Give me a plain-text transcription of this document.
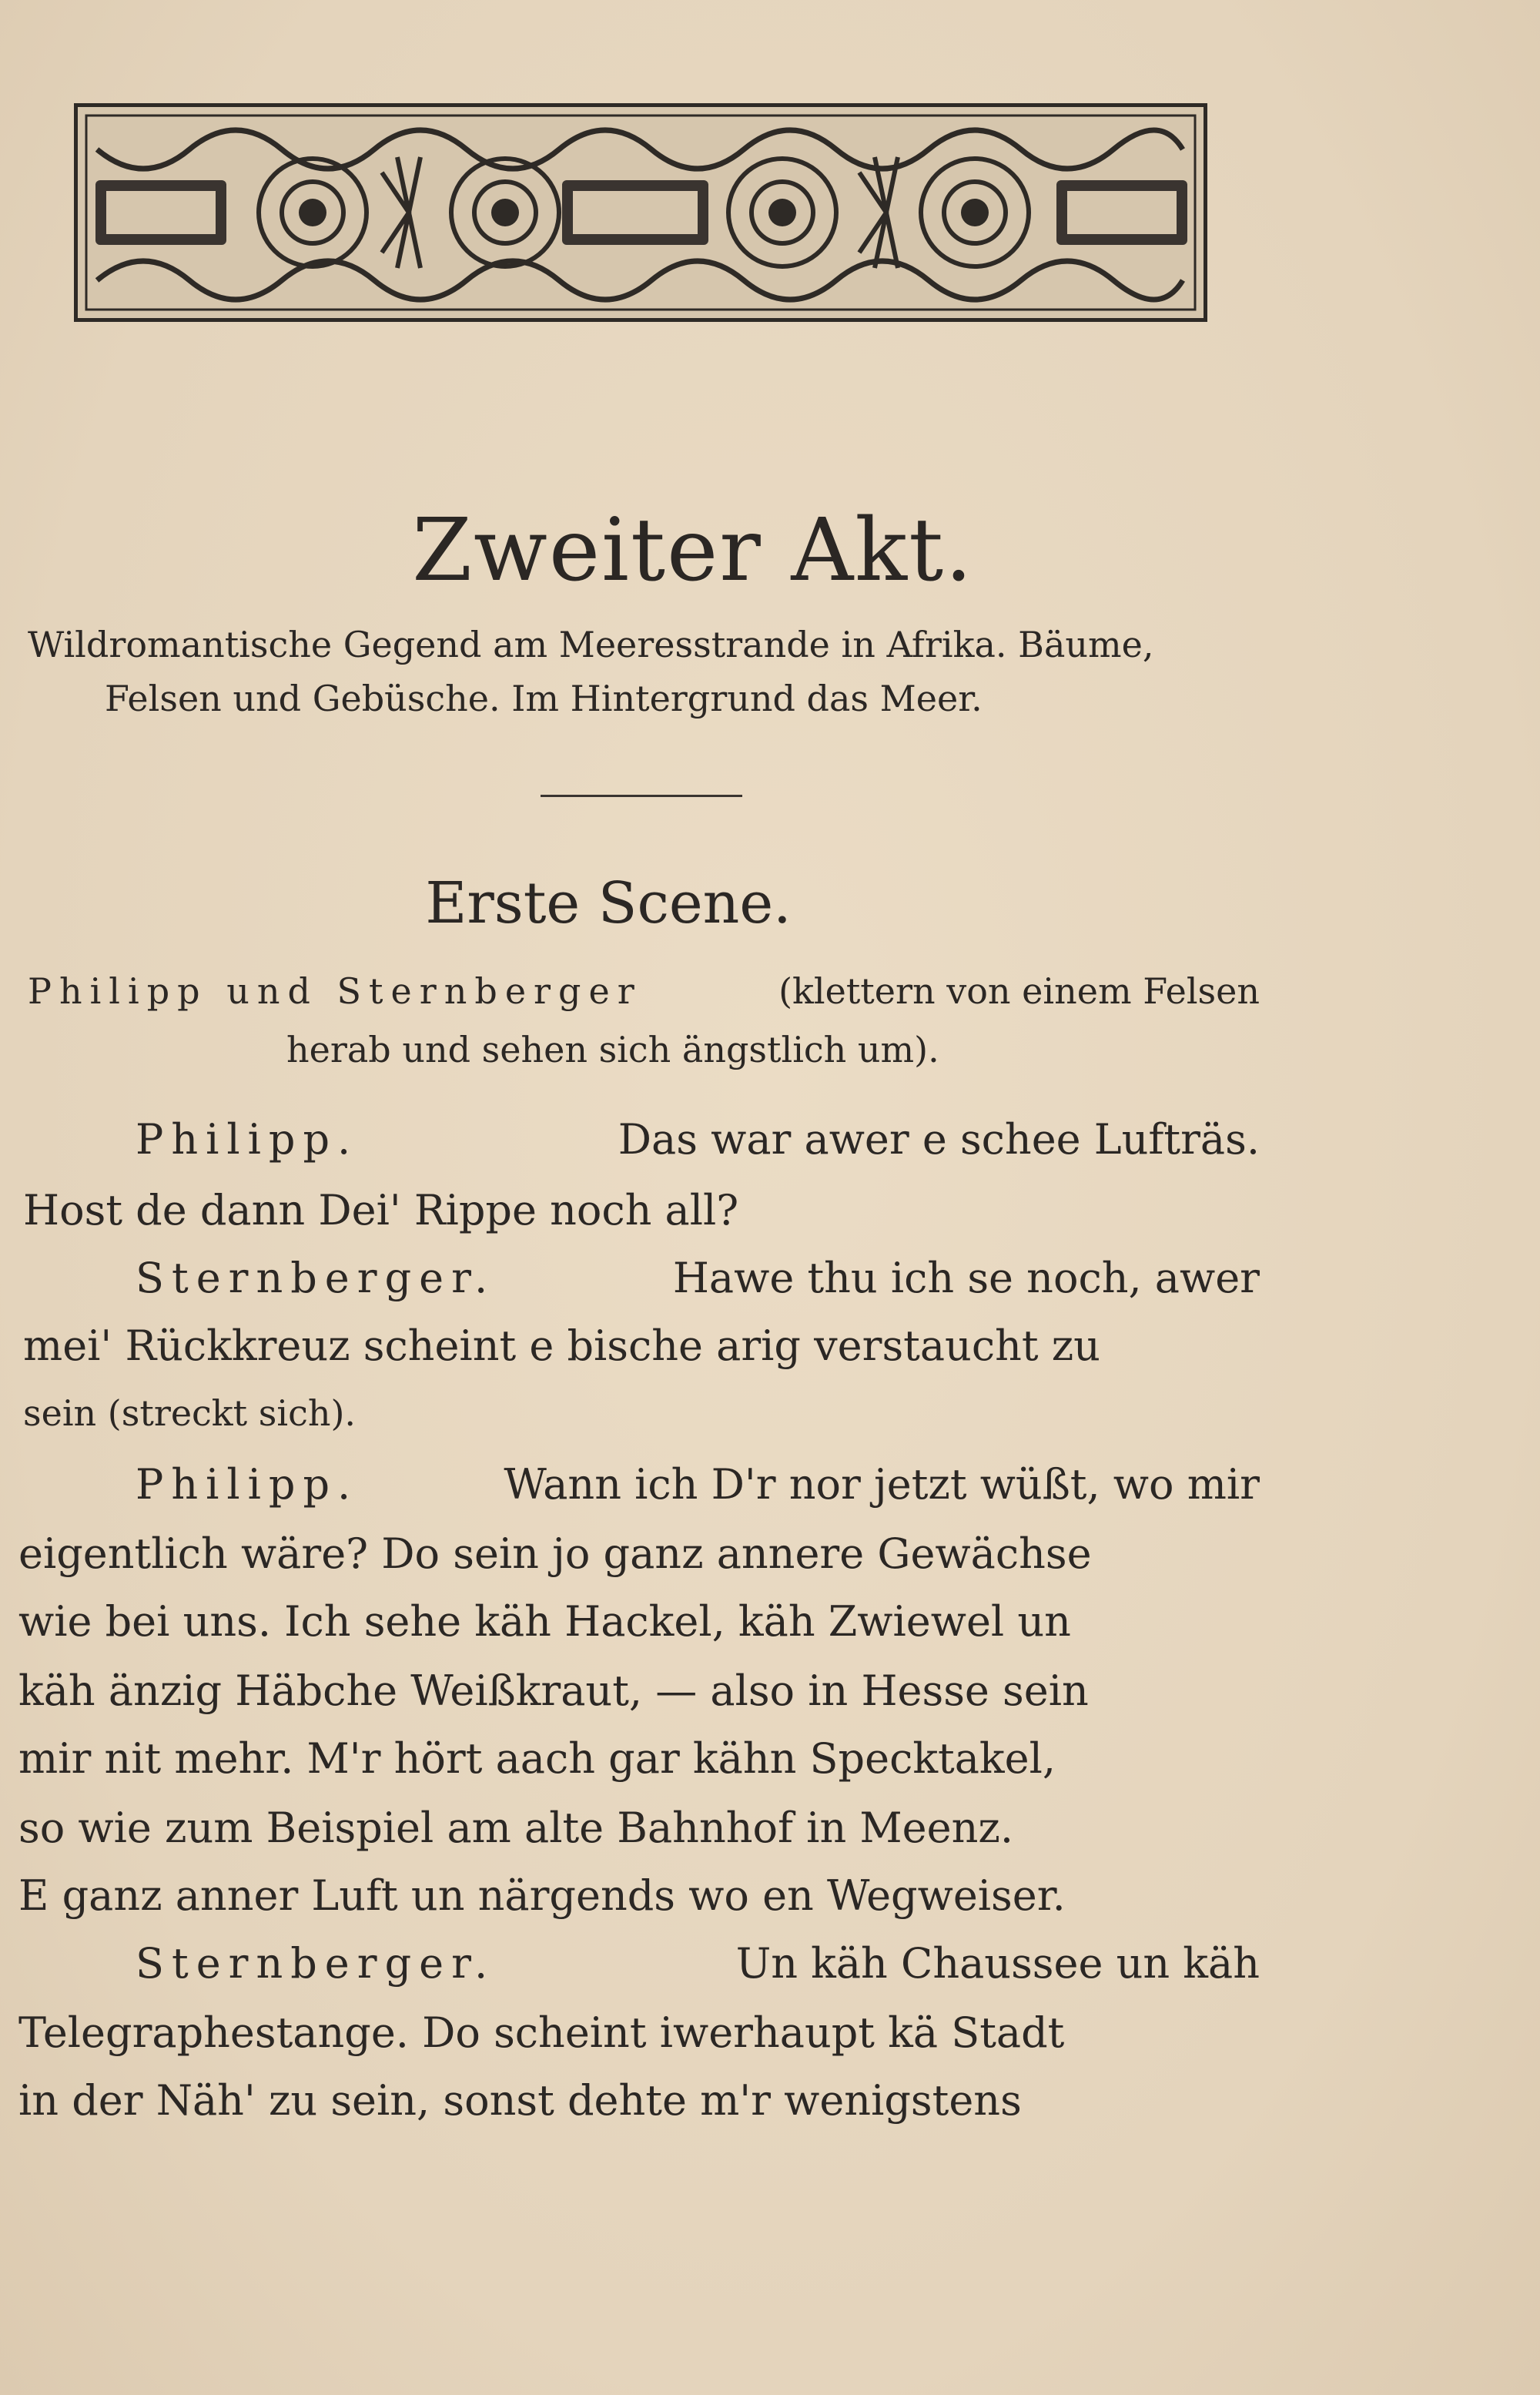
Zweiter Akt.
Wildromantische Gegend am Meeresstrande in Afrika. Bäume,
Felsen und Gebüsche. Im Hintergrund das Meer.
Erste Scene.
Philipp und Sternberger	(klettern von einem Felsen
herab und sehen sich ängstlich um).
Philipp.	Das war awer e schee Lufträs.
Host de dann Dei' Rippe noch all?
Sternberger.	Hawe thu ich se noch, awer
mei' Rückkreuz scheint e bische arig verstaucht zu
sein (streckt sich).
Philipp.	Wann ich D'r nor jetzt wüßt, wo mir
eigentlich wäre? Do sein jo ganz annere Gewächse
wie bei uns. Ich sehe käh Hackel, käh Zwiewel un
käh änzig Häbche Weißkraut, — also in Hesse sein
mir nit mehr. M'r hört aach gar kähn Specktakel,
so wie zum Beispiel am alte Bahnhof in Meenz.
E ganz anner Luft un närgends wo en Wegweiser.
Sternberger.	Un käh Chaussee un käh
Telegraphestange. Do scheint iwerhaupt kä Stadt
in der Näh' zu sein, sonst dehte m'r wenigstens
